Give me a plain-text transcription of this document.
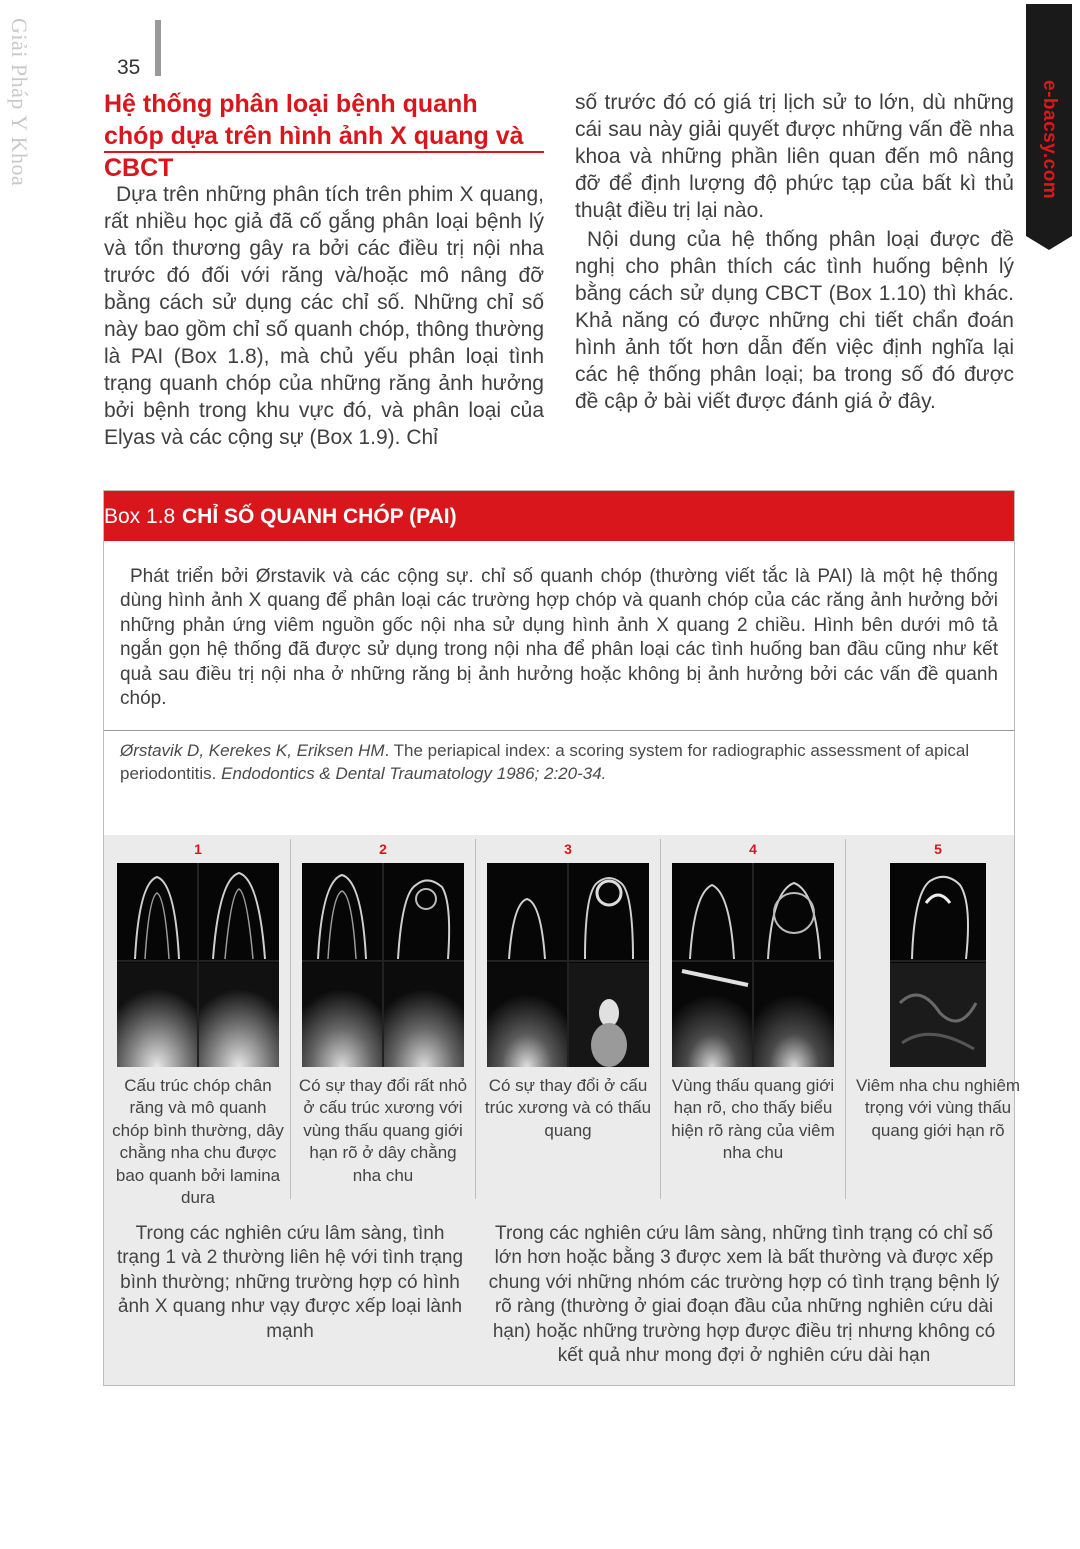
Giải Pháp Y Khoa	35
e-bacsy.com
Hệ thống phân loại bệnh quanh chóp dựa trên hình ảnh X quang và CBCT
Dựa trên những phân tích trên phim X quang, rất nhiều học giả đã cố gắng phân loại bệnh lý và tổn thương gây ra bởi các điều trị nội nha trước đó đối với răng và/hoặc mô nâng đỡ bằng cách sử dụng các chỉ số. Những chỉ số này bao gồm chỉ số quanh chóp, thông thường là PAI (Box 1.8), mà chủ yếu phân loại tình trạng quanh chóp của những răng ảnh hưởng bởi bệnh trong khu vực đó, và phân loại của Elyas và các cộng sự (Box 1.9). Chỉ

số trước đó có giá trị lịch sử to lớn, dù những cái sau này giải quyết được những vấn đề nha khoa và những phần liên quan đến mô nâng đỡ để định lượng độ phức tạp của bất kì thủ thuật điều trị lại nào.

Nội dung của hệ thống phân loại được đề nghị cho phân thích các tình huống bệnh lý bằng cách sử dụng CBCT (Box 1.10) thì khác. Khả năng có được những chi tiết chẩn đoán hình ảnh tốt hơn dẫn đến việc định nghĩa lại các hệ thống phân loại; ba trong số đó được đề cập ở bài viết được đánh giá ở đây.

Box 1.8 CHỈ SỐ QUANH CHÓP (PAI)
Phát triển bởi Ørstavik và các cộng sự. chỉ số quanh chóp (thường viết tắc là PAI) là một hệ thống dùng hình ảnh X quang để phân loại các trường hợp chóp và quanh chóp của các răng ảnh hưởng bởi những phản ứng viêm nguồn gốc nội nha sử dụng hình ảnh X quang 2 chiều. Hình bên dưới mô tả ngắn gọn hệ thống đã được sử dụng trong nội nha để phân loại các tình huống ban đầu cũng như kết quả sau điều trị nội nha ở những răng bị ảnh hưởng hoặc không bị ảnh hưởng bởi các vấn đề quanh chóp.
Ørstavik D, Kerekes K, Eriksen HM. The periapical index: a scoring system for radiographic assessment of apical periodontitis. Endodontics & Dental Traumatology 1986; 2:20-34.
1	2	3	4	5
Cấu trúc chóp chân răng và mô quanh chóp bình thường, dây chằng nha chu được bao quanh bởi lamina dura
Có sự thay đổi rất nhỏ ở cấu trúc xương với vùng thấu quang giới hạn rõ ở dây chằng nha chu
Có sự thay đổi ở cấu trúc xương và có thấu quang
Vùng thấu quang giới hạn rõ, cho thấy biểu hiện rõ ràng của viêm nha chu
Viêm nha chu nghiêm trọng với vùng thấu quang giới hạn rõ
Trong các nghiên cứu lâm sàng, tình trạng 1 và 2 thường liên hệ với tình trạng bình thường; những trường hợp có hình ảnh X quang như vạy được xếp loại lành mạnh
Trong các nghiên cứu lâm sàng, những tình trạng có chỉ số lớn hơn hoặc bằng 3 được xem là bất thường và được xếp chung với những nhóm các trường hợp có tình trạng bệnh lý rõ ràng (thường ở giai đoạn đầu của những nghiên cứu dài hạn) hoặc những trường hợp được điều trị nhưng không có kết quả như mong đợi ở nghiên cứu dài hạn
